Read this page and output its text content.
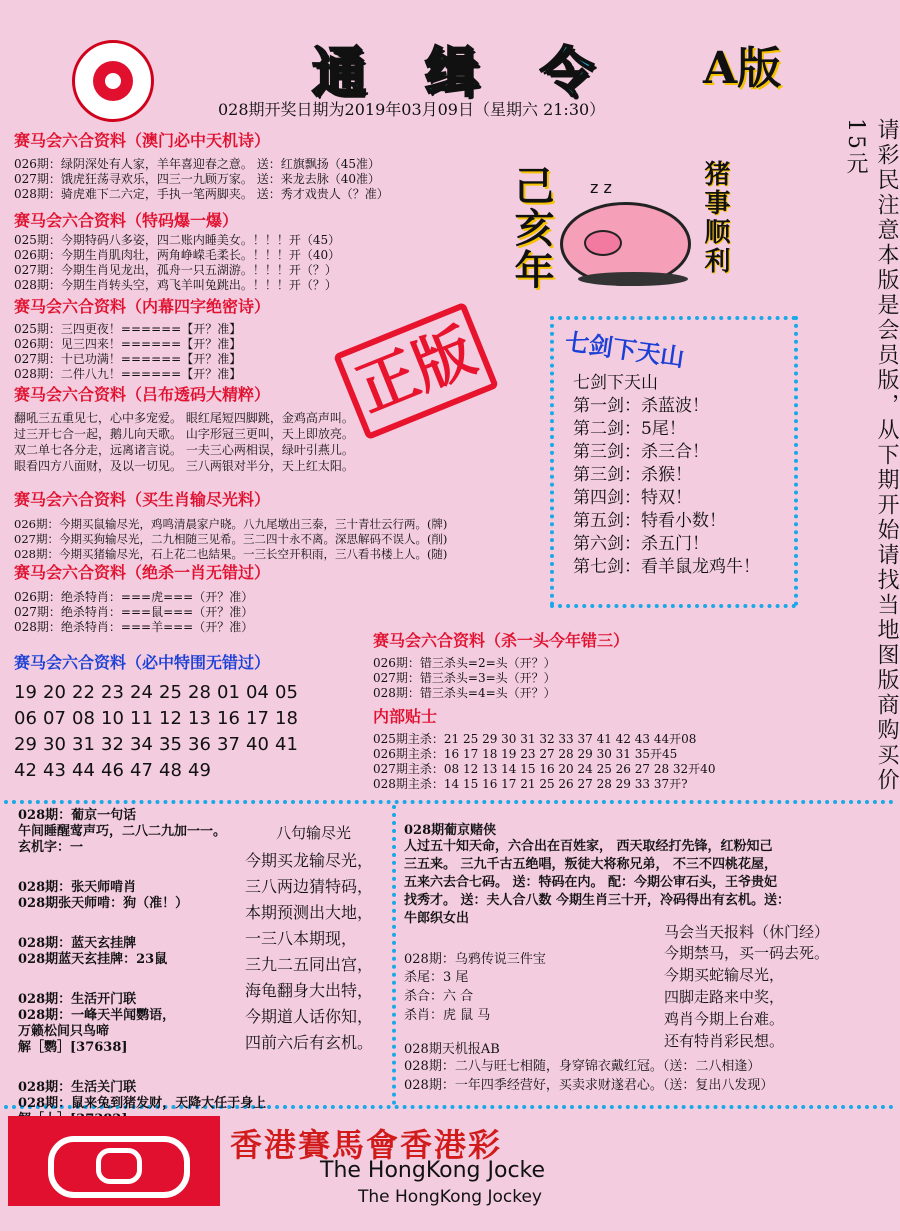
通 缉 令 A版
028期开奖日期为2019年03月09日（星期六 21:30）
请彩民注意本版是会员版，从下期开始请找当地图版商购买价15元
己亥年	z z	猪事顺利
正版
赛马会六合资料（澳门必中天机诗）
026期：绿阴深处有人家，羊年喜迎春之意。 送：红旗飘扬（45准）
027期：饿虎狂荡寻欢乐，四三一九顾万家。 送：来龙去脉（40准）
028期：骑虎难下二六定，手执一笔两脚夹。 送：秀才戏贵人（？准）
赛马会六合资料（特码爆一爆）
025期：今期特码八多姿，四二账内睡美女。！！！开（45）
026期：今期生肖肌肉壮，两角峥嵘毛柔长。！！！开（40）
027期：今期生肖见龙出，孤舟一只五湖游。！！！开（？）
028期：今期生肖转头空，鸡飞羊叫兔跳出。！！！开（？）
赛马会六合资料（内幕四字绝密诗）
025期：三四更夜！======【开？准】
026期：见三四来！======【开？准】
027期：十已功满！======【开？准】
028期：二件八九！======【开？准】
赛马会六合资料（吕布透码大精粹）
翻吼三五重见七，心中多宠爱。 眼红尾短四脚跳，金鸡高声叫。
过三开七合一起，鹅儿向天歌。 山字形冠三更叫，天上即放亮。
双二单七各分走，远离诸言说。 一夫三心两相误，绿叶引燕儿。
眼看四方八面财，及以一切见。 三八两银对半分，天上红太阳。
赛马会六合资料（买生肖输尽光料）
026期：今期买鼠输尽光，鸡鸣清晨家户晓。八九尾墩出三泰，三十青壮云行两。(牌)
027期：今期买狗输尽光，二九相随三见希。三二四十永不离。深思解码不误人。(削)
028期：今期买猪输尽光，石上花二也結果。一三长空开积雨，三八看书楼上人。(随)
赛马会六合资料（绝杀一肖无错过）
026期：绝杀特肖：===虎===（开？准）
027期：绝杀特肖：===鼠===（开？准）
028期：绝杀特肖：===羊===（开？准）
赛马会六合资料（必中特围无错过）
19 20 22 23 24 25 28 01 04 05
06 07 08 10 11 12 13 16 17 18
29 30 31 32 34 35 36 37 40 41
42 43 44 46 47 48 49
七剑下天山
七剑下天山
第一剑：杀蓝波！
第二剑：5尾！
第三剑：杀三合！
第三剑：杀猴！
第四剑：特双！
第五剑：特看小数！
第六剑：杀五门！
第七剑：看羊鼠龙鸡牛！
赛马会六合资料（杀一头今年错三）
026期：错三杀头=2=头（开？）
027期：错三杀头=3=头（开？）
028期：错三杀头=4=头（开？）
内部贴士
025期主杀：21 25 29 30 31 32 33 37 41 42 43 44开08
026期主杀：16 17 18 19 23 27 28 29 30 31 35开45
027期主杀：08 12 13 14 15 16 20 24 25 26 27 28 32开40
028期主杀：14 15 16 17 21 25 26 27 28 29 33 37开?
028期：葡京一句话
午间睡醒莺声巧，二八二九加一一。
玄机字：一
028期：张天师啃肖
028期张天师啃：狗（准！）
028期：蓝天玄挂牌
028期蓝天玄挂牌：23鼠
028期：生活开门联
028期：一峰天半闻鹦语，
万籁松间只鸟啼
解［鹦］[37638]
028期：生活关门联
028期：鼠来兔到猪发财，天降大任于身上
八句输尽光
今期买龙输尽光，
三八两边猜特码，
本期预测出大地，
一三八本期现，
三九二五同出宫，
海龟翻身大出特，
今期道人话你知，
四前六后有玄机。
028期葡京赌侠
人过五十知天命，六合出在百姓家， 西天取经打先锋，红粉知己
三五来。 三九千古五绝唱，叛徒大将称兄弟， 不三不四桃花屋，
五来六去合七码。 送：特码在内。 配：今期公审石头，王爷贵妃
找秀才。 送：夫人合八数 今期生肖三十开，冷码得出有玄机。送：
牛郎织女出
马会当天报料（休门经）
今期禁马，买一码去死。
今期买蛇输尽光，
四脚走路来中奖，
鸡肖今期上台难。
还有特肖彩民想。
028期：乌鸦传说三件宝
杀尾：3 尾
杀合：六 合
杀肖：虎 鼠 马
028期天机报AB
028期：二八与旺七相随，身穿锦衣戴红冠。（送：二八相逢）
028期：一年四季经营好，买卖求财遂君心。（送：复出八发现）
香港賽馬會香港彩
The HongKong Jocke
The HongKong Jockey
